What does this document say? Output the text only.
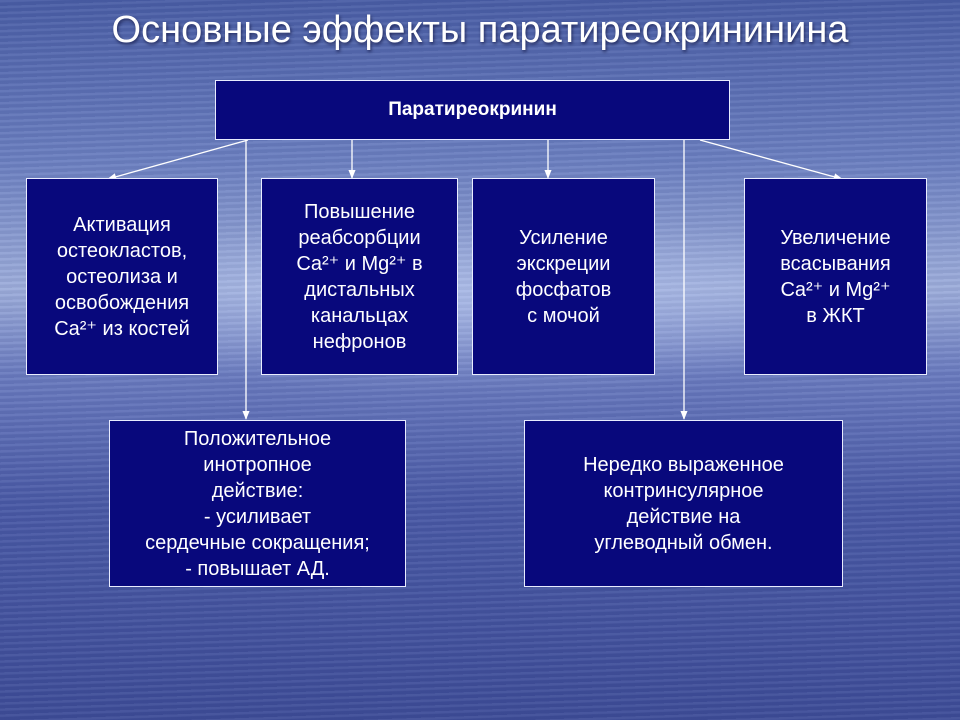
Основные эффекты паратиреокрининина
Паратиреокринин
Активация
остеокластов,
остеолиза и
освобождения
Ca²⁺ из костей
Повышение
реабсорбции
Ca²⁺ и Mg²⁺ в
дистальных
канальцах
нефронов
Усиление
экскреции
фосфатов
с мочой
Увеличение
всасывания
Ca²⁺ и Mg²⁺
в ЖКТ
Положительное
инотропное
действие:
- усиливает
сердечные сокращения;
- повышает АД.
Нередко выраженное
контринсулярное
действие на
углеводный обмен.
